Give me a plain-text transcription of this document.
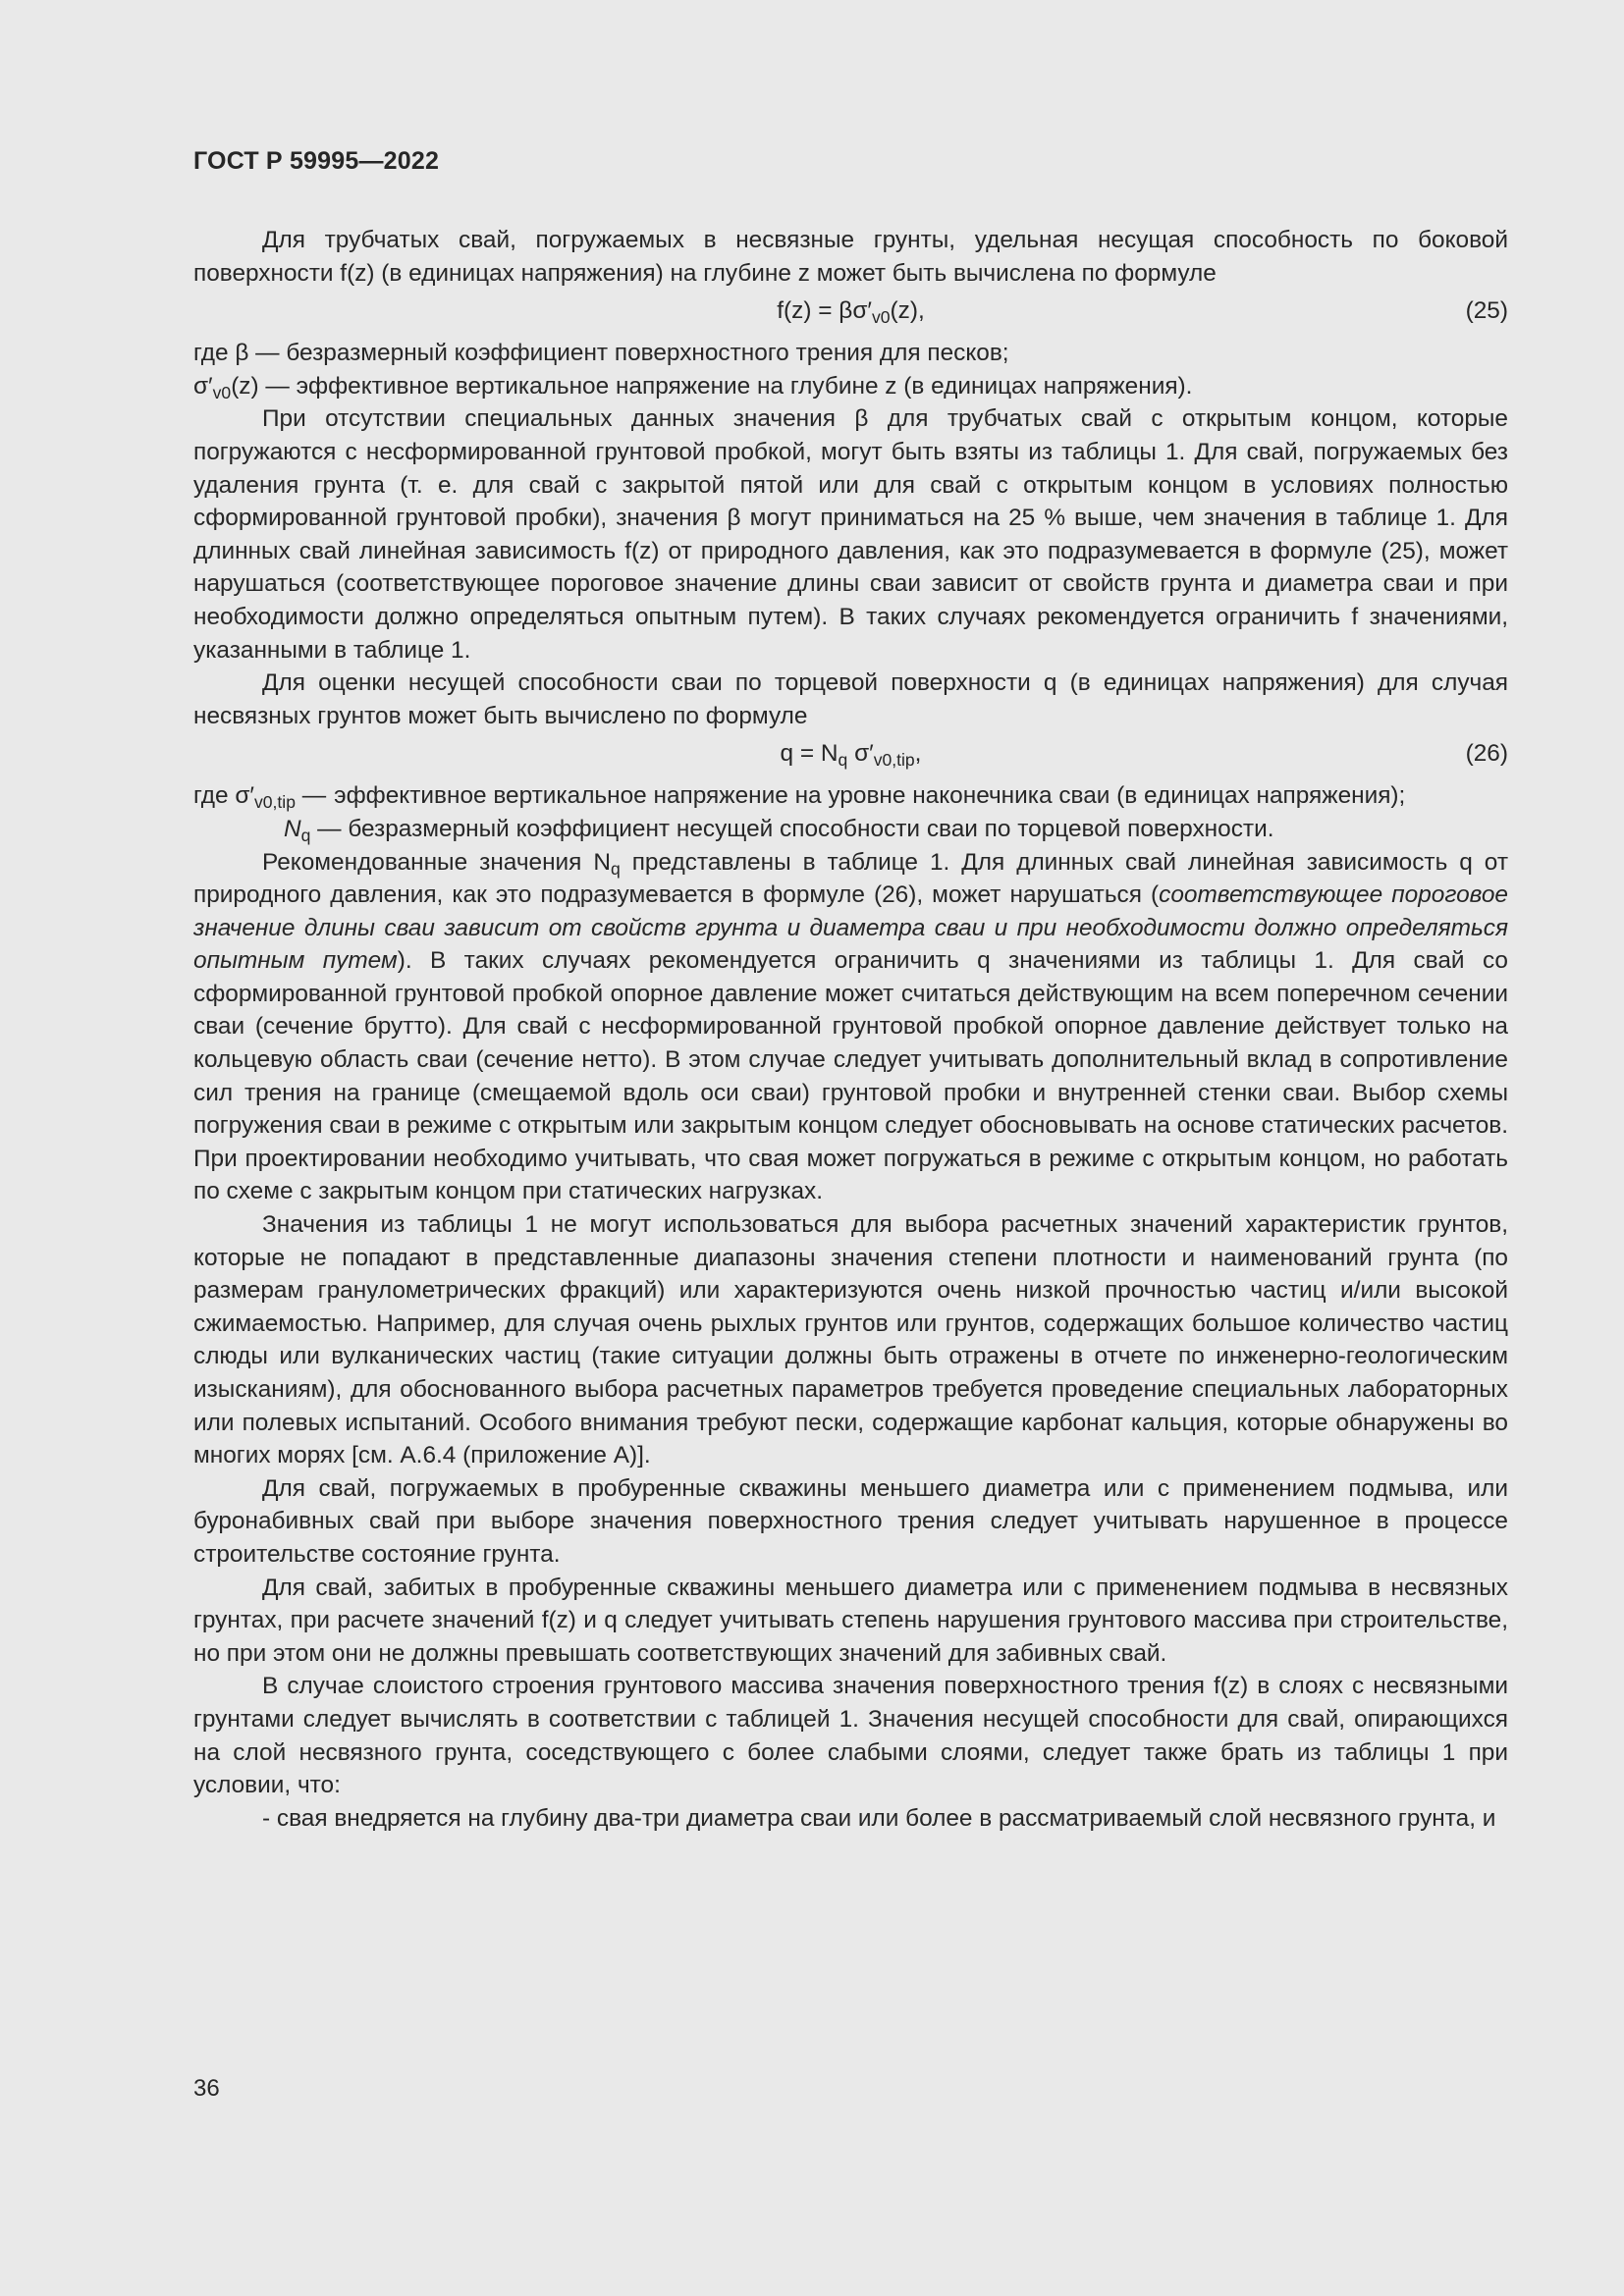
ГОСТ Р 59995—2022

Для трубчатых свай, погружаемых в несвязные грунты, удельная несущая способность по боковой поверхности f(z) (в единицах напряжения) на глубине z может быть вычислена по формуле

$f(z) = \beta\sigma'_{v0}(z)$,	(25)

где β — безразмерный коэффициент поверхностного трения для песков;

$\sigma'_{v0}(z)$ — эффективное вертикальное напряжение на глубине z (в единицах напряжения).

При отсутствии специальных данных значения β для трубчатых свай с открытым концом, которые погружаются с несформированной грунтовой пробкой, могут быть взяты из таблицы 1. Для свай, погружаемых без удаления грунта (т. е. для свай с закрытой пятой или для свай с открытым концом в условиях полностью сформированной грунтовой пробки), значения β могут приниматься на 25 % выше, чем значения в таблице 1. Для длинных свай линейная зависимость f(z) от природного давления, как это подразумевается в формуле (25), может нарушаться (соответствующее пороговое значение длины сваи зависит от свойств грунта и диаметра сваи и при необходимости должно определяться опытным путем). В таких случаях рекомендуется ограничить f значениями, указанными в таблице 1.

Для оценки несущей способности сваи по торцевой поверхности q (в единицах напряжения) для случая несвязных грунтов может быть вычислено по формуле

$q = N_q$ $\sigma'_{v0,tip}$,	(26)
где $\sigma'_{v0,tip}$ — эффективное вертикальное напряжение на уровне наконечника сваи (в единицах напряжения);

$N_q$ — безразмерный коэффициент несущей способности сваи по торцевой поверхности.

Рекомендованные значения $N_q$ представлены в таблице 1. Для длинных свай линейная зависимость q от природного давления, как это подразумевается в формуле (26), может нарушаться (соответствующее пороговое значение длины сваи зависит от свойств грунта и диаметра сваи и при необходимости должно определяться опытным путем). В таких случаях рекомендуется ограничить q значениями из таблицы 1. Для свай со сформированной грунтовой пробкой опорное давление может считаться действующим на всем поперечном сечении сваи (сечение брутто). Для свай с несформированной грунтовой пробкой опорное давление действует только на кольцевую область сваи (сечение нетто). В этом случае следует учитывать дополнительный вклад в сопротивление сил трения на границе (смещаемой вдоль оси сваи) грунтовой пробки и внутренней стенки сваи. Выбор схемы погружения сваи в режиме с открытым или закрытым концом следует обосновывать на основе статических расчетов. При проектировании необходимо учитывать, что свая может погружаться в режиме с открытым концом, но работать по схеме с закрытым концом при статических нагрузках.

Значения из таблицы 1 не могут использоваться для выбора расчетных значений характеристик грунтов, которые не попадают в представленные диапазоны значения степени плотности и наименований грунта (по размерам гранулометрических фракций) или характеризуются очень низкой прочностью частиц и/или высокой сжимаемостью. Например, для случая очень рыхлых грунтов или грунтов, содержащих большое количество частиц слюды или вулканических частиц (такие ситуации должны быть отражены в отчете по инженерно-геологическим изысканиям), для обоснованного выбора расчетных параметров требуется проведение специальных лабораторных или полевых испытаний. Особого внимания требуют пески, содержащие карбонат кальция, которые обнаружены во многих морях [см. А.6.4 (приложение А)].

Для свай, погружаемых в пробуренные скважины меньшего диаметра или с применением подмыва, или буронабивных свай при выборе значения поверхностного трения следует учитывать нарушенное в процессе строительстве состояние грунта.

Для свай, забитых в пробуренные скважины меньшего диаметра или с применением подмыва в несвязных грунтах, при расчете значений f(z) и q следует учитывать степень нарушения грунтового массива при строительстве, но при этом они не должны превышать соответствующих значений для забивных свай.

В случае слоистого строения грунтового массива значения поверхностного трения f(z) в слоях с несвязными грунтами следует вычислять в соответствии с таблицей 1. Значения несущей способности для свай, опирающихся на слой несвязного грунта, соседствующего с более слабыми слоями, следует также брать из таблицы 1 при условии, что:

- свая внедряется на глубину два-три диаметра сваи или более в рассматриваемый слой несвязного грунта, и

36
